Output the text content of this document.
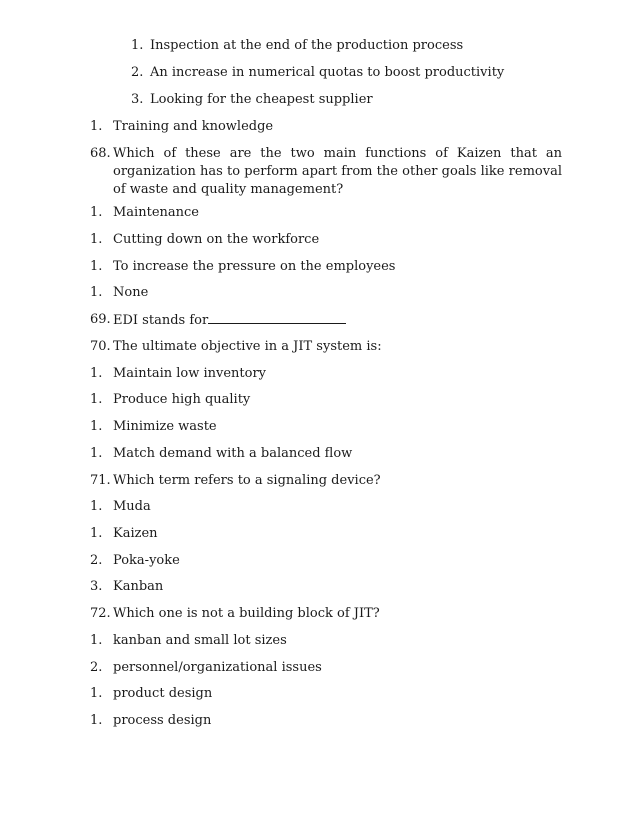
1. Inspection at the end of the production process
2. An increase in numerical quotas to boost productivity
3. Looking for the cheapest supplier
1. Training and knowledge
68. Which of these are the two main functions of Kaizen that an organization has to perform apart from the other goals like removal of waste and quality management?
1. Maintenance
1. Cutting down on the workforce
1. To increase the pressure on the employees
1. None
69. EDI stands for
70. The ultimate objective in a JIT system is:
1. Maintain low inventory
1. Produce high quality
1. Minimize waste
1. Match demand with a balanced flow
71. Which term refers to a signaling device?
1. Muda
1. Kaizen
2. Poka-yoke
3. Kanban
72. Which one is not a building block of JIT?
1. kanban and small lot sizes
2. personnel/organizational issues
1. product design
1. process design
